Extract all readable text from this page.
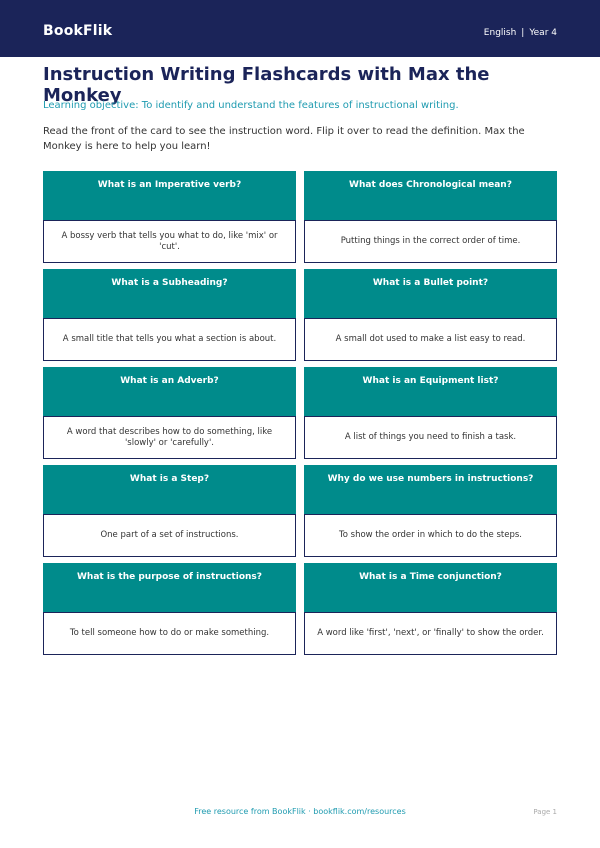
BookFlik	English | Year 4
Instruction Writing Flashcards with Max the Monkey
Learning objective: To identify and understand the features of instructional writing.
Read the front of the card to see the instruction word. Flip it over to read the definition. Max the Monkey is here to help you learn!
What is an Imperative verb?
A bossy verb that tells you what to do, like 'mix' or 'cut'.
What does Chronological mean?
Putting things in the correct order of time.
What is a Subheading?
A small title that tells you what a section is about.
What is a Bullet point?
A small dot used to make a list easy to read.
What is an Adverb?
A word that describes how to do something, like 'slowly' or 'carefully'.
What is an Equipment list?
A list of things you need to finish a task.
What is a Step?
One part of a set of instructions.
Why do we use numbers in instructions?
To show the order in which to do the steps.
What is the purpose of instructions?
To tell someone how to do or make something.
What is a Time conjunction?
A word like 'first', 'next', or 'finally' to show the order.
Free resource from BookFlik · bookflik.com/resources	Page 1
